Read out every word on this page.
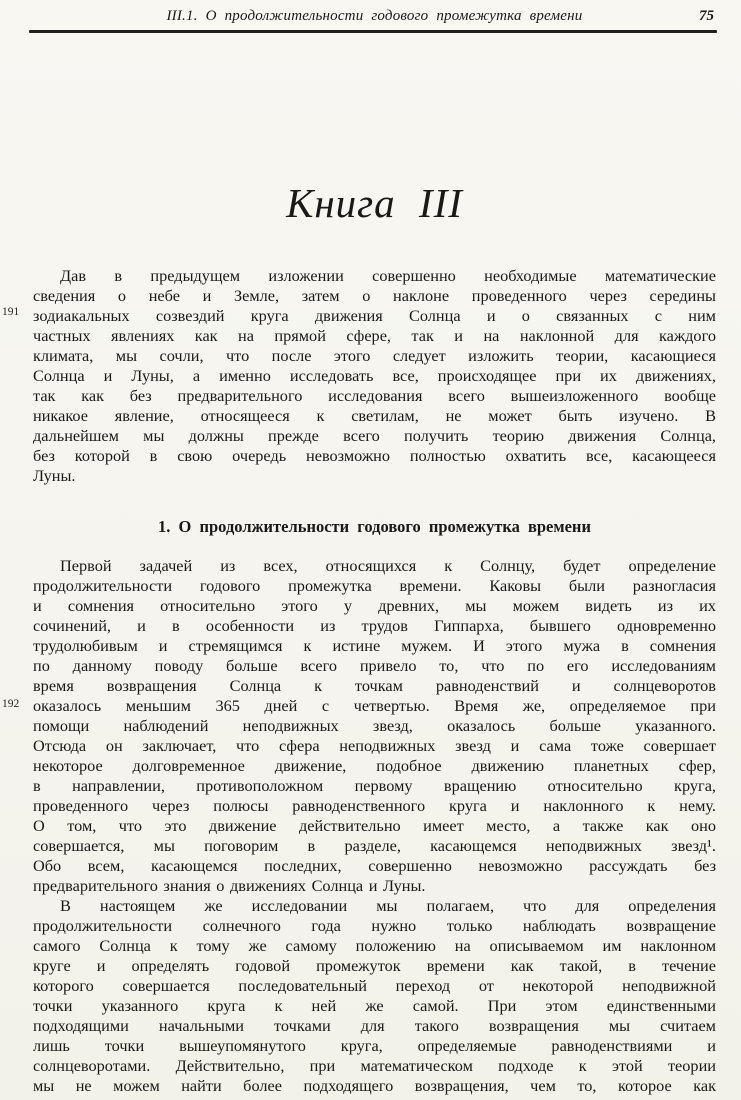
III.1. О продолжительности годового промежутка времени	75
191
192
Книга III
Дав в предыдущем изложении совершенно необходимые математические
сведения о небе и Земле, затем о наклоне проведенного через середины
зодиакальных созвездий круга движения Солнца и о связанных с ним
частных явлениях как на прямой сфере, так и на наклонной для каждого
климата, мы сочли, что после этого следует изложить теории, касающиеся
Солнца и Луны, а именно исследовать все, происходящее при их движениях,
так как без предварительного исследования всего вышеизложенного вообще
никакое явление, относящееся к светилам, не может быть изучено. В
дальнейшем мы должны прежде всего получить теорию движения Солнца,
без которой в свою очередь невозможно полностью охватить все, касающееся
Луны.
1. О продолжительности годового промежутка времени
Первой задачей из всех, относящихся к Солнцу, будет определение
продолжительности годового промежутка времени. Каковы были разногласия
и сомнения относительно этого у древних, мы можем видеть из их
сочинений, и в особенности из трудов Гиппарха, бывшего одновременно
трудолюбивым и стремящимся к истине мужем. И этого мужа в сомнения
по данному поводу больше всего привело то, что по его исследованиям
время возвращения Солнца к точкам равноденствий и солнцеворотов
оказалось меньшим 365 дней с четвертью. Время же, определяемое при
помощи наблюдений неподвижных звезд, оказалось больше указанного.
Отсюда он заключает, что сфера неподвижных звезд и сама тоже совершает
некоторое долговременное движение, подобное движению планетных сфер,
в направлении, противоположном первому вращению относительно круга,
проведенного через полюсы равноденственного круга и наклонного к нему.
О том, что это движение действительно имеет место, а также как оно
совершается, мы поговорим в разделе, касающемся неподвижных звезд¹.
Обо всем, касающемся последних, совершенно невозможно рассуждать без
предварительного знания о движениях Солнца и Луны.
В настоящем же исследовании мы полагаем, что для определения
продолжительности солнечного года нужно только наблюдать возвращение
самого Солнца к тому же самому положению на описываемом им наклонном
круге и определять годовой промежуток времени как такой, в течение
которого совершается последовательный переход от некоторой неподвижной
точки указанного круга к ней же самой. При этом единственными
подходящими начальными точками для такого возвращения мы считаем
лишь точки вышеупомянутого круга, определяемые равноденствиями и
солнцеворотами. Действительно, при математическом подходе к этой теории
мы не можем найти более подходящего возвращения, чем то, которое как
